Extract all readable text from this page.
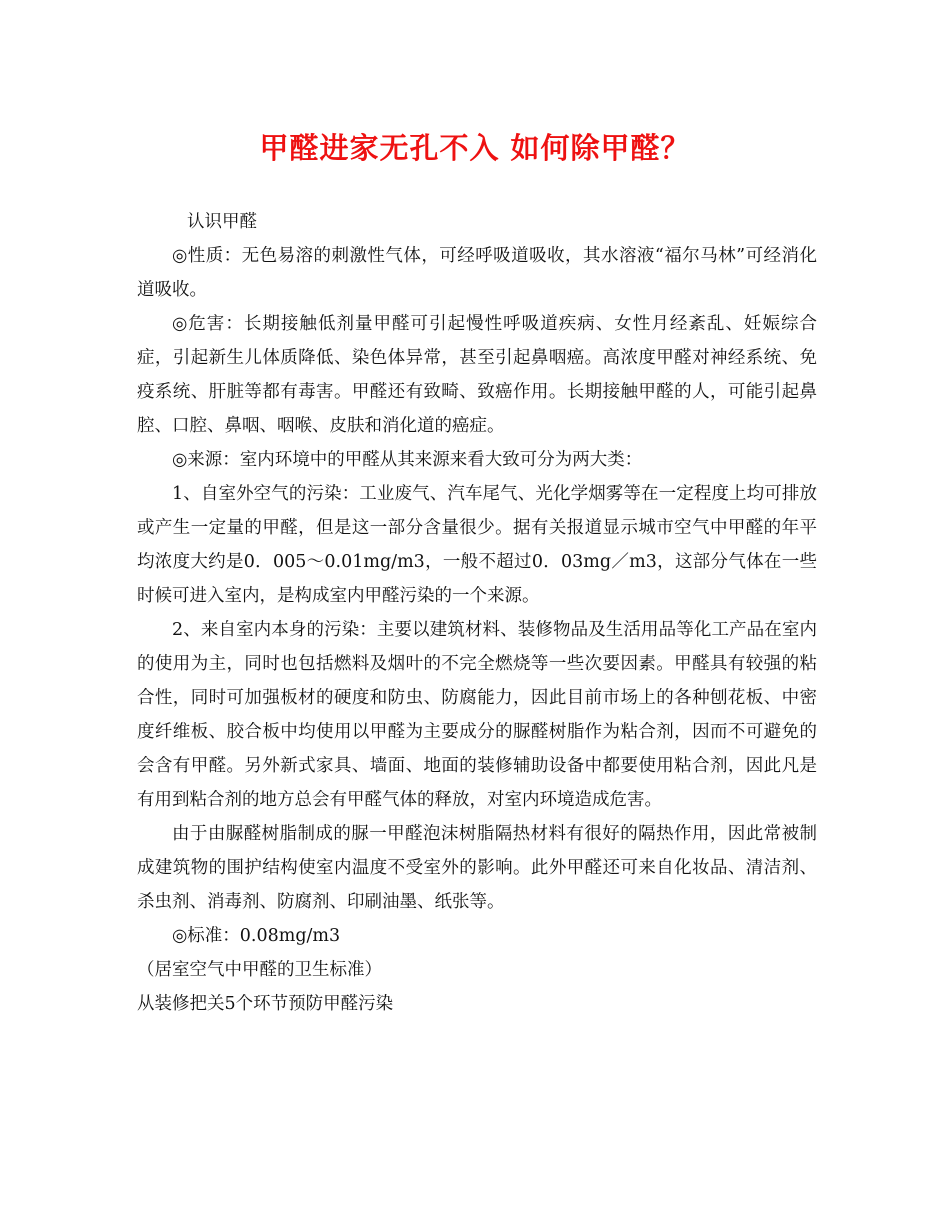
甲醛进家无孔不入 如何除甲醛？

认识甲醛

◎性质：无色易溶的刺激性气体，可经呼吸道吸收，其水溶液“福尔马林”可经消化道吸收。

◎危害：长期接触低剂量甲醛可引起慢性呼吸道疾病、女性月经紊乱、妊娠综合症，引起新生儿体质降低、染色体异常，甚至引起鼻咽癌。高浓度甲醛对神经系统、免疫系统、肝脏等都有毒害。甲醛还有致畸、致癌作用。长期接触甲醛的人，可能引起鼻腔、口腔、鼻咽、咽喉、皮肤和消化道的癌症。

◎来源：室内环境中的甲醛从其来源来看大致可分为两大类：

1、自室外空气的污染：工业废气、汽车尾气、光化学烟雾等在一定程度上均可排放或产生一定量的甲醛，但是这一部分含量很少。据有关报道显示城市空气中甲醛的年平均浓度大约是0．005～0.01mg/m3，一般不超过0．03mg／m3，这部分气体在一些时候可进入室内，是构成室内甲醛污染的一个来源。

2、来自室内本身的污染：主要以建筑材料、装修物品及生活用品等化工产品在室内的使用为主，同时也包括燃料及烟叶的不完全燃烧等一些次要因素。甲醛具有较强的粘合性，同时可加强板材的硬度和防虫、防腐能力，因此目前市场上的各种刨花板、中密度纤维板、胶合板中均使用以甲醛为主要成分的脲醛树脂作为粘合剂，因而不可避免的会含有甲醛。另外新式家具、墙面、地面的装修辅助设备中都要使用粘合剂，因此凡是有用到粘合剂的地方总会有甲醛气体的释放，对室内环境造成危害。

由于由脲醛树脂制成的脲一甲醛泡沫树脂隔热材料有很好的隔热作用，因此常被制成建筑物的围护结构使室内温度不受室外的影响。此外甲醛还可来自化妆品、清洁剂、杀虫剂、消毒剂、防腐剂、印刷油墨、纸张等。

◎标准：0.08mg/m3

（居室空气中甲醛的卫生标准）

从装修把关5个环节预防甲醛污染
